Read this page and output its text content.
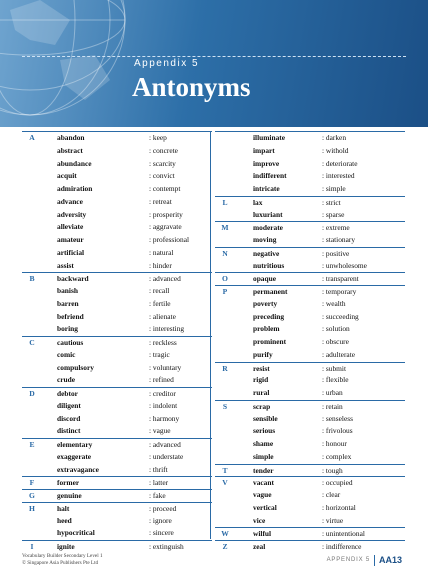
Appendix 5
Antonyms
A	abandon	: keep
abstract	: concrete
abundance	: scarcity
acquit	: convict
admiration	: contempt
advance	: retreat
adversity	: prosperity
alleviate	: aggravate
amateur	: professional
artificial	: natural
assist	: hinder
B	backward	: advanced
banish	: recall
barren	: fertile
befriend	: alienate
boring	: interesting
C	cautious	: reckless
comic	: tragic
compulsory	: voluntary
crude	: refined
D	debtor	: creditor
diligent	: indolent
discord	: harmony
distinct	: vague
E	elementary	: advanced
exaggerate	: understate
extravagance	: thrift
F	former	: latter
G	genuine	: fake
H	halt	: proceed
heed	: ignore
hypocritical	: sincere
I	ignite	: extinguish
illuminate	: darken
impart	: withold
improve	: deteriorate
indifferent	: interested
intricate	: simple
L	lax	: strict
luxuriant	: sparse
M	moderate	: extreme
moving	: stationary
N	negative	: positive
nutritious	: unwholesome
O	opaque	: transparent
P	permanent	: temporary
poverty	: wealth
preceding	: succeeding
problem	: solution
prominent	: obscure
purify	: adulterate
R	resist	: submit
rigid	: flexible
rural	: urban
S	scrap	: retain
sensible	: senseless
serious	: frivolous
shame	: honour
simple	: complex
T	tender	: tough
V	vacant	: occupied
vague	: clear
vertical	: horizontal
vice	: virtue
W	wilful	: unintentional
Z	zeal	: indifference
Vocabulary Builder Secondary Level 1
© Singapore Asia Publishers Pte Ltd	APPENDIX 5 AA13
